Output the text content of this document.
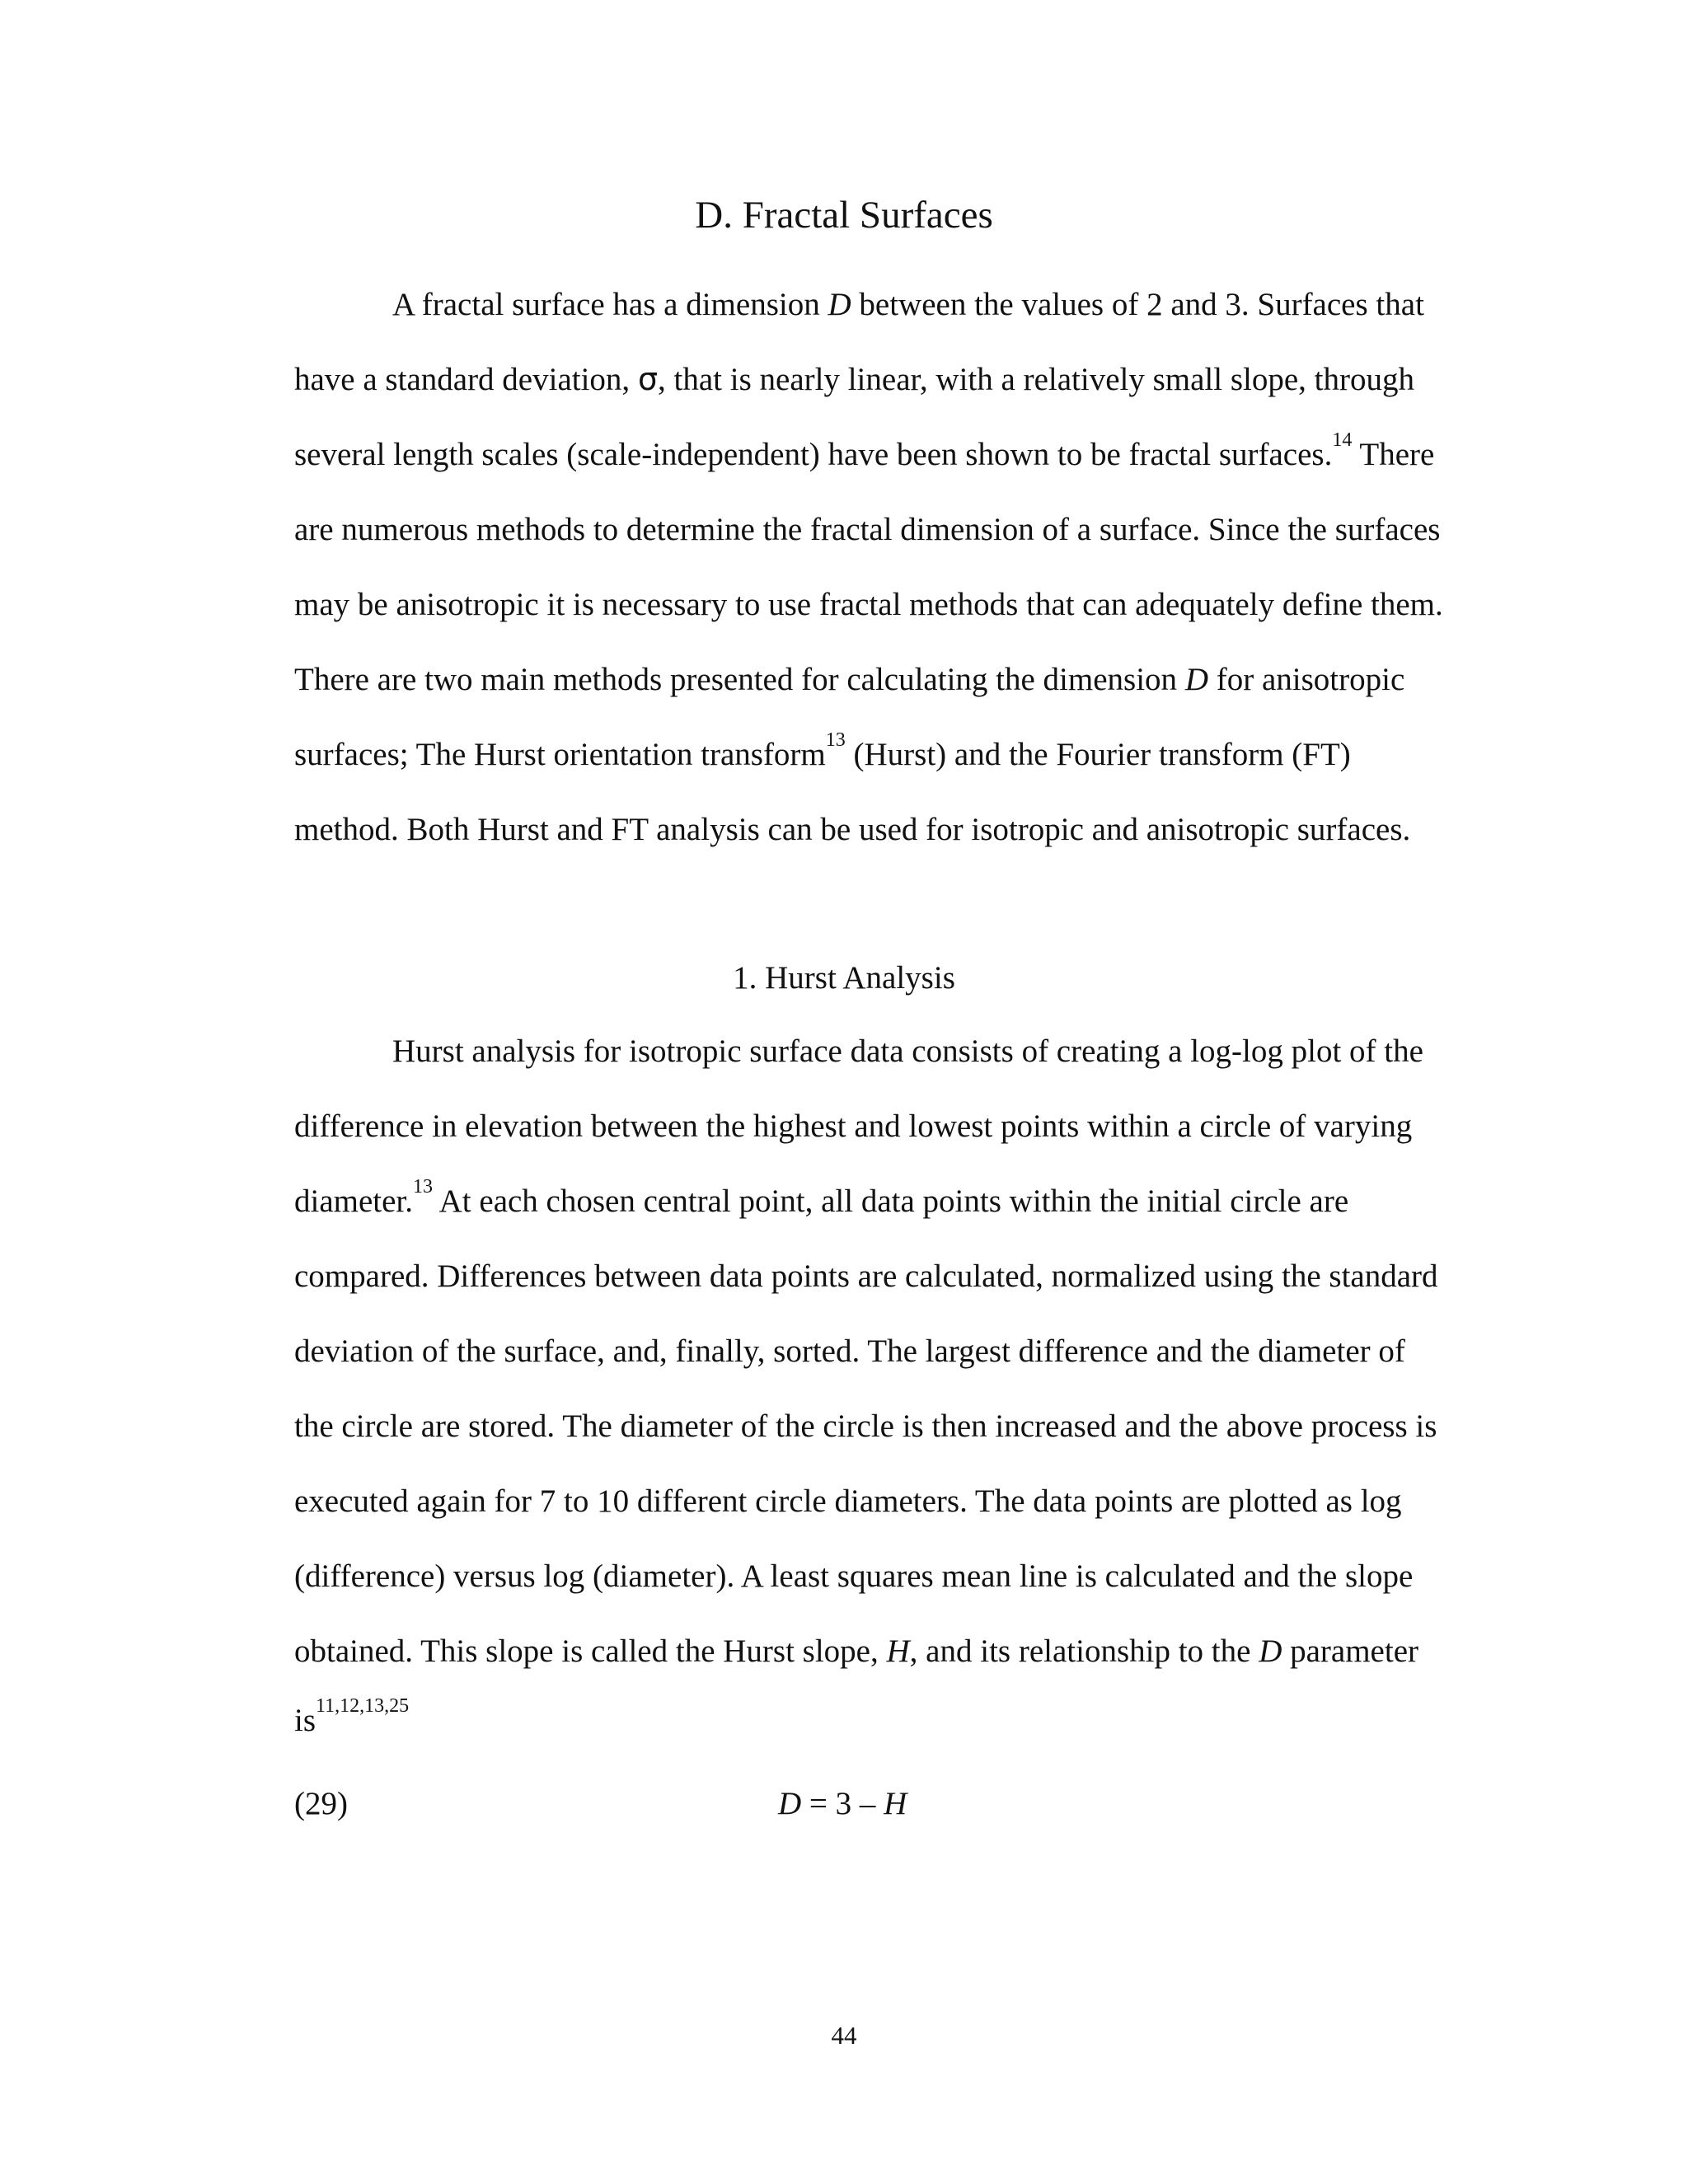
D. Fractal Surfaces
A fractal surface has a dimension D between the values of 2 and 3. Surfaces that
have a standard deviation, σ, that is nearly linear, with a relatively small slope, through
several length scales (scale-independent) have been shown to be fractal surfaces.$^{14}$ There
are numerous methods to determine the fractal dimension of a surface. Since the surfaces
may be anisotropic it is necessary to use fractal methods that can adequately define them.
There are two main methods presented for calculating the dimension D for anisotropic
surfaces; The Hurst orientation transform$^{13}$ (Hurst) and the Fourier transform (FT)
method. Both Hurst and FT analysis can be used for isotropic and anisotropic surfaces.
1. Hurst Analysis
Hurst analysis for isotropic surface data consists of creating a log-log plot of the
difference in elevation between the highest and lowest points within a circle of varying
diameter.$^{13}$ At each chosen central point, all data points within the initial circle are
compared. Differences between data points are calculated, normalized using the standard
deviation of the surface, and, finally, sorted. The largest difference and the diameter of
the circle are stored. The diameter of the circle is then increased and the above process is
executed again for 7 to 10 different circle diameters. The data points are plotted as log
(difference) versus log (diameter). A least squares mean line is calculated and the slope
obtained. This slope is called the Hurst slope, H, and its relationship to the D parameter
is$^{11,12,13,25}$
(29)	D = 3 – H
44
